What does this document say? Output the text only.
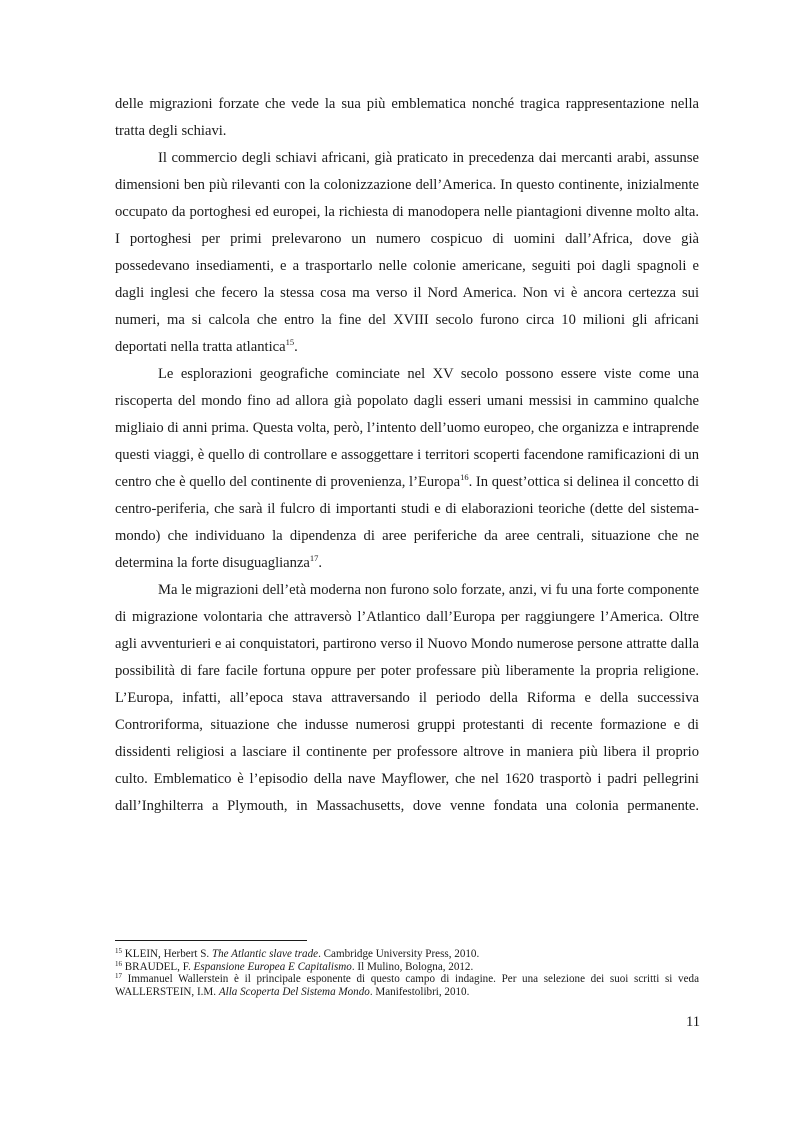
delle migrazioni forzate che vede la sua più emblematica nonché tragica rappresentazione nella tratta degli schiavi.

Il commercio degli schiavi africani, già praticato in precedenza dai mercanti arabi, assunse dimensioni ben più rilevanti con la colonizzazione dell’America. In questo continente, inizialmente occupato da portoghesi ed europei, la richiesta di manodopera nelle piantagioni divenne molto alta. I portoghesi per primi prelevarono un numero cospicuo di uomini dall’Africa, dove già possedevano insediamenti, e a trasportarlo nelle colonie americane, seguiti poi dagli spagnoli e dagli inglesi che fecero la stessa cosa ma verso il Nord America. Non vi è ancora certezza sui numeri, ma si calcola che entro la fine del XVIII secolo furono circa 10 milioni gli africani deportati nella tratta atlantica$^{15}$.

Le esplorazioni geografiche cominciate nel XV secolo possono essere viste come una riscoperta del mondo fino ad allora già popolato dagli esseri umani messisi in cammino qualche migliaio di anni prima. Questa volta, però, l’intento dell’uomo europeo, che organizza e intraprende questi viaggi, è quello di controllare e assoggettare i territori scoperti facendone ramificazioni di un centro che è quello del continente di provenienza, l’Europa$^{16}$. In quest’ottica si delinea il concetto di centro-periferia, che sarà il fulcro di importanti studi e di elaborazioni teoriche (dette del sistema-mondo) che individuano la dipendenza di aree periferiche da aree centrali, situazione che ne determina la forte disuguaglianza$^{17}$.

Ma le migrazioni dell’età moderna non furono solo forzate, anzi, vi fu una forte componente di migrazione volontaria che attraversò l’Atlantico dall’Europa per raggiungere l’America. Oltre agli avventurieri e ai conquistatori, partirono verso il Nuovo Mondo numerose persone attratte dalla possibilità di fare facile fortuna oppure per poter professare più liberamente la propria religione. L’Europa, infatti, all’epoca stava attraversando il periodo della Riforma e della successiva Controriforma, situazione che indusse numerosi gruppi protestanti di recente formazione e di dissidenti religiosi a lasciare il continente per professore altrove in maniera più libera il proprio culto. Emblematico è l’episodio della nave Mayflower, che nel 1620 trasportò i padri pellegrini dall’Inghilterra a Plymouth, in Massachusetts, dove venne fondata una colonia permanente.

$^{15}$ KLEIN, Herbert S. The Atlantic slave trade. Cambridge University Press, 2010.

$^{16}$ BRAUDEL, F. Espansione Europea E Capitalismo. Il Mulino, Bologna, 2012.

$^{17}$ Immanuel Wallerstein è il principale esponente di questo campo di indagine. Per una selezione dei suoi scritti si veda WALLERSTEIN, I.M. Alla Scoperta Del Sistema Mondo. Manifestolibri, 2010.

11
